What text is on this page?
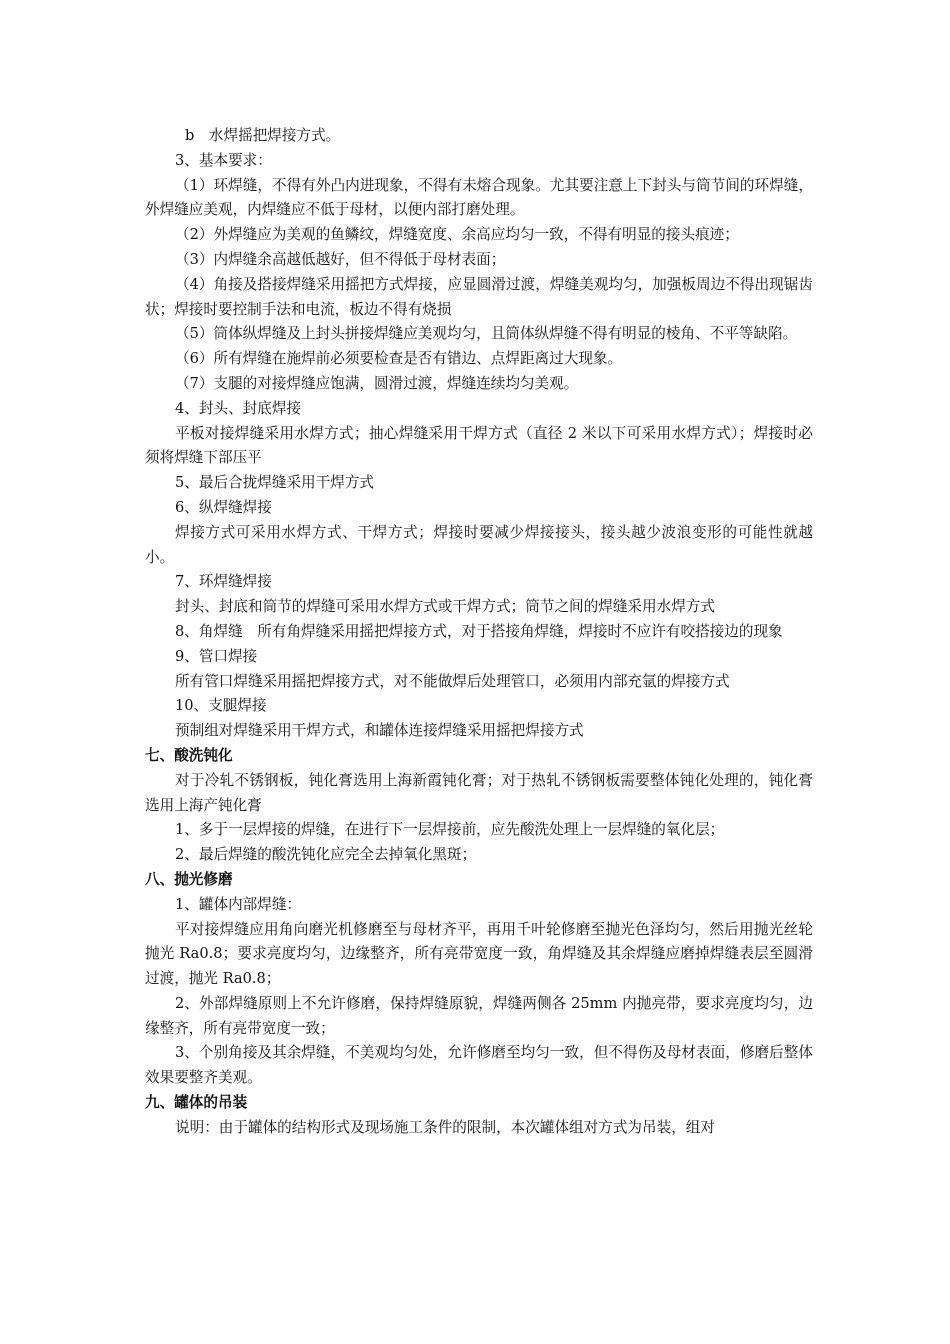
b　水焊摇把焊接方式。

3、基本要求：

（1）环焊缝，不得有外凸内进现象，不得有未熔合现象。尤其要注意上下封头与筒节间的环焊缝，外焊缝应美观，内焊缝应不低于母材，以便内部打磨处理。

（2）外焊缝应为美观的鱼鳞纹，焊缝宽度、余高应均匀一致，不得有明显的接头痕迹；

（3）内焊缝余高越低越好，但不得低于母材表面；

（4）角接及搭接焊缝采用摇把方式焊接，应显圆滑过渡，焊缝美观均匀，加强板周边不得出现锯齿状；焊接时要控制手法和电流，板边不得有烧损

（5）筒体纵焊缝及上封头拼接焊缝应美观均匀，且筒体纵焊缝不得有明显的棱角、不平等缺陷。

（6）所有焊缝在施焊前必须要检查是否有错边、点焊距离过大现象。

（7）支腿的对接焊缝应饱满，圆滑过渡，焊缝连续均匀美观。

4、封头、封底焊接

平板对接焊缝采用水焊方式；抽心焊缝采用干焊方式（直径 2 米以下可采用水焊方式）；焊接时必须将焊缝下部压平

5、最后合拢焊缝采用干焊方式

6、纵焊缝焊接

焊接方式可采用水焊方式、干焊方式；焊接时要减少焊接接头，接头越少波浪变形的可能性就越小。

7、环焊缝焊接

封头、封底和筒节的焊缝可采用水焊方式或干焊方式；筒节之间的焊缝采用水焊方式

8、角焊缝　所有角焊缝采用摇把焊接方式，对于搭接角焊缝，焊接时不应许有咬搭接边的现象

9、管口焊接

所有管口焊缝采用摇把焊接方式，对不能做焊后处理管口，必须用内部充氩的焊接方式

10、支腿焊接

预制组对焊缝采用干焊方式，和罐体连接焊缝采用摇把焊接方式

七、酸洗钝化

对于冷轧不锈钢板，钝化膏选用上海新霞钝化膏；对于热轧不锈钢板需要整体钝化处理的，钝化膏选用上海产钝化膏

1、多于一层焊接的焊缝，在进行下一层焊接前，应先酸洗处理上一层焊缝的氧化层；

2、最后焊缝的酸洗钝化应完全去掉氧化黑斑；

八、抛光修磨

1、罐体内部焊缝：

平对接焊缝应用角向磨光机修磨至与母材齐平，再用千叶轮修磨至抛光色泽均匀，然后用抛光丝轮抛光 Ra0.8；要求亮度均匀，边缘整齐，所有亮带宽度一致，角焊缝及其余焊缝应磨掉焊缝表层至圆滑过渡，抛光 Ra0.8；

2、外部焊缝原则上不允许修磨，保持焊缝原貌，焊缝两侧各 25mm 内抛亮带，要求亮度均匀，边缘整齐，所有亮带宽度一致；

3、个别角接及其余焊缝，不美观均匀处，允许修磨至均匀一致，但不得伤及母材表面，修磨后整体效果要整齐美观。

九、罐体的吊装

说明：由于罐体的结构形式及现场施工条件的限制，本次罐体组对方式为吊装，组对
